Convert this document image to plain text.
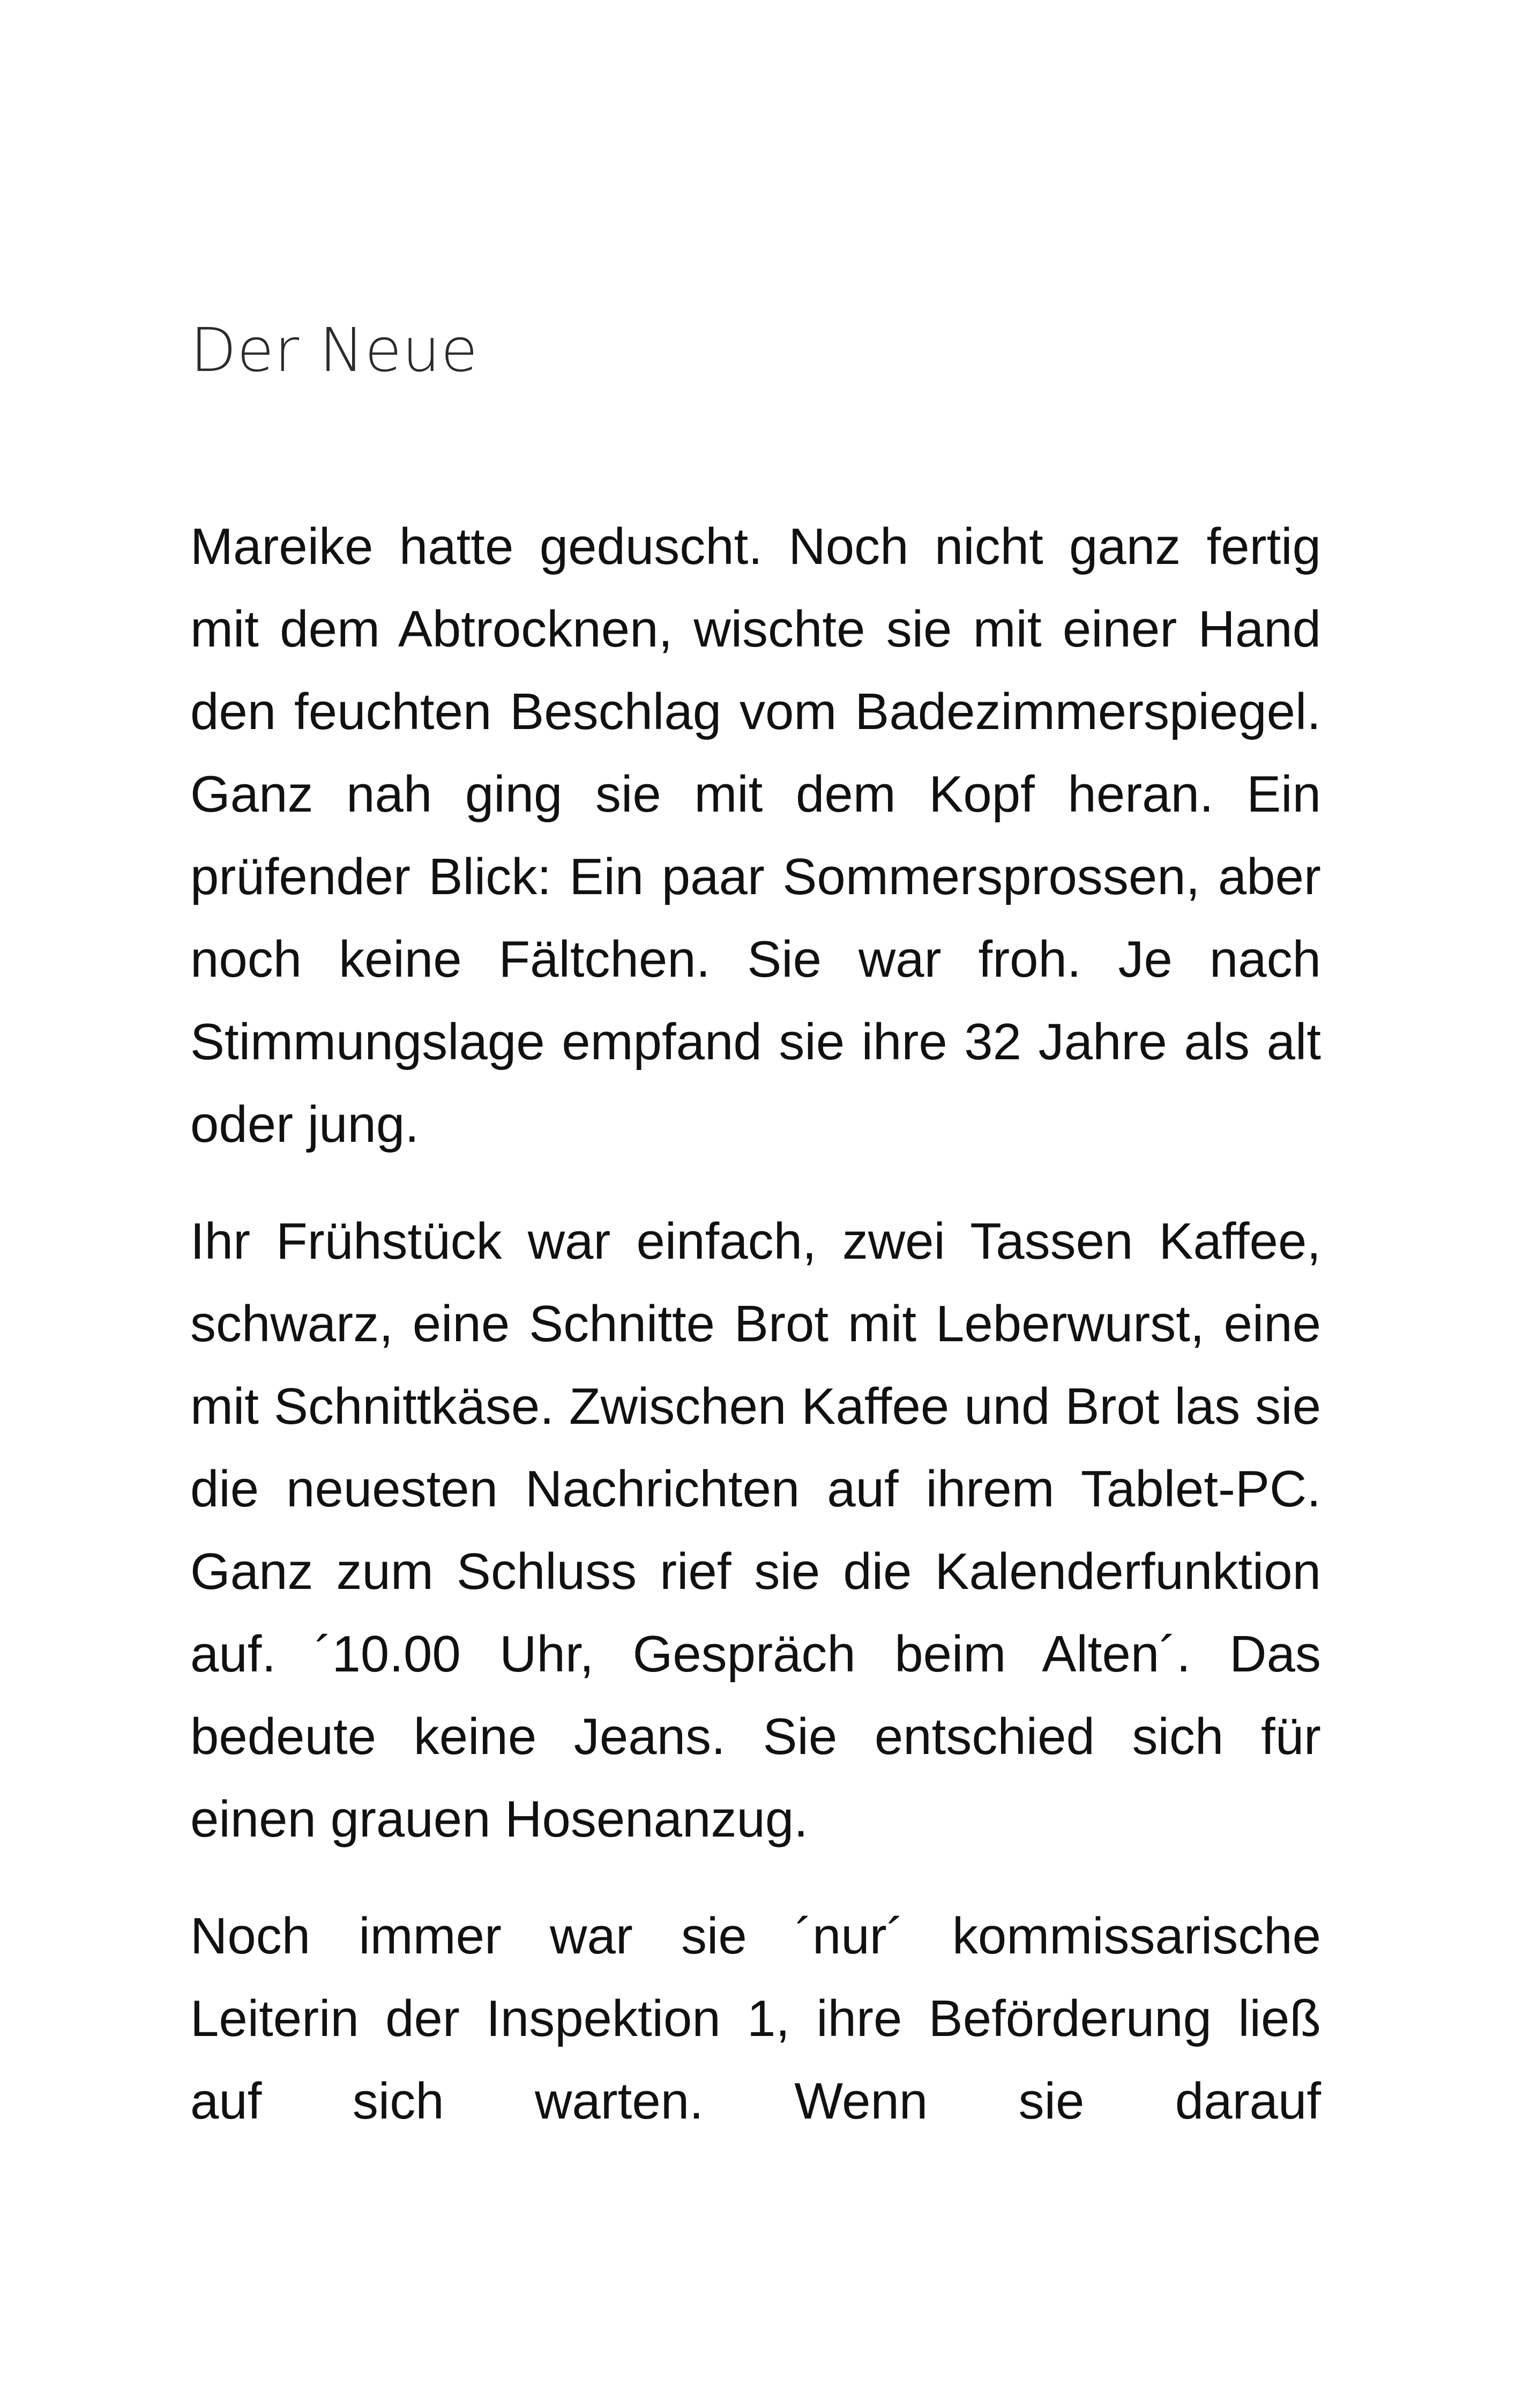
Der Neue

Mareike hatte geduscht. Noch nicht ganz fertig mit dem Abtrocknen, wischte sie mit einer Hand den feuchten Beschlag vom Badezimmerspiegel. Ganz nah ging sie mit dem Kopf heran. Ein prüfender Blick: Ein paar Sommersprossen, aber noch keine Fältchen. Sie war froh. Je nach Stimmungslage empfand sie ihre 32 Jahre als alt oder jung.

Ihr Frühstück war einfach, zwei Tassen Kaffee, schwarz, eine Schnitte Brot mit Leberwurst, eine mit Schnittkäse. Zwischen Kaffee und Brot las sie die neuesten Nachrichten auf ihrem Tablet-PC. Ganz zum Schluss rief sie die Kalenderfunktion auf. ´10.00 Uhr, Gespräch beim Alten´. Das bedeute keine Jeans. Sie entschied sich für einen grauen Hosenanzug.

Noch immer war sie ´nur´ kommissarische Leiterin der Inspektion 1, ihre Beförderung ließ auf sich warten. Wenn sie darauf
